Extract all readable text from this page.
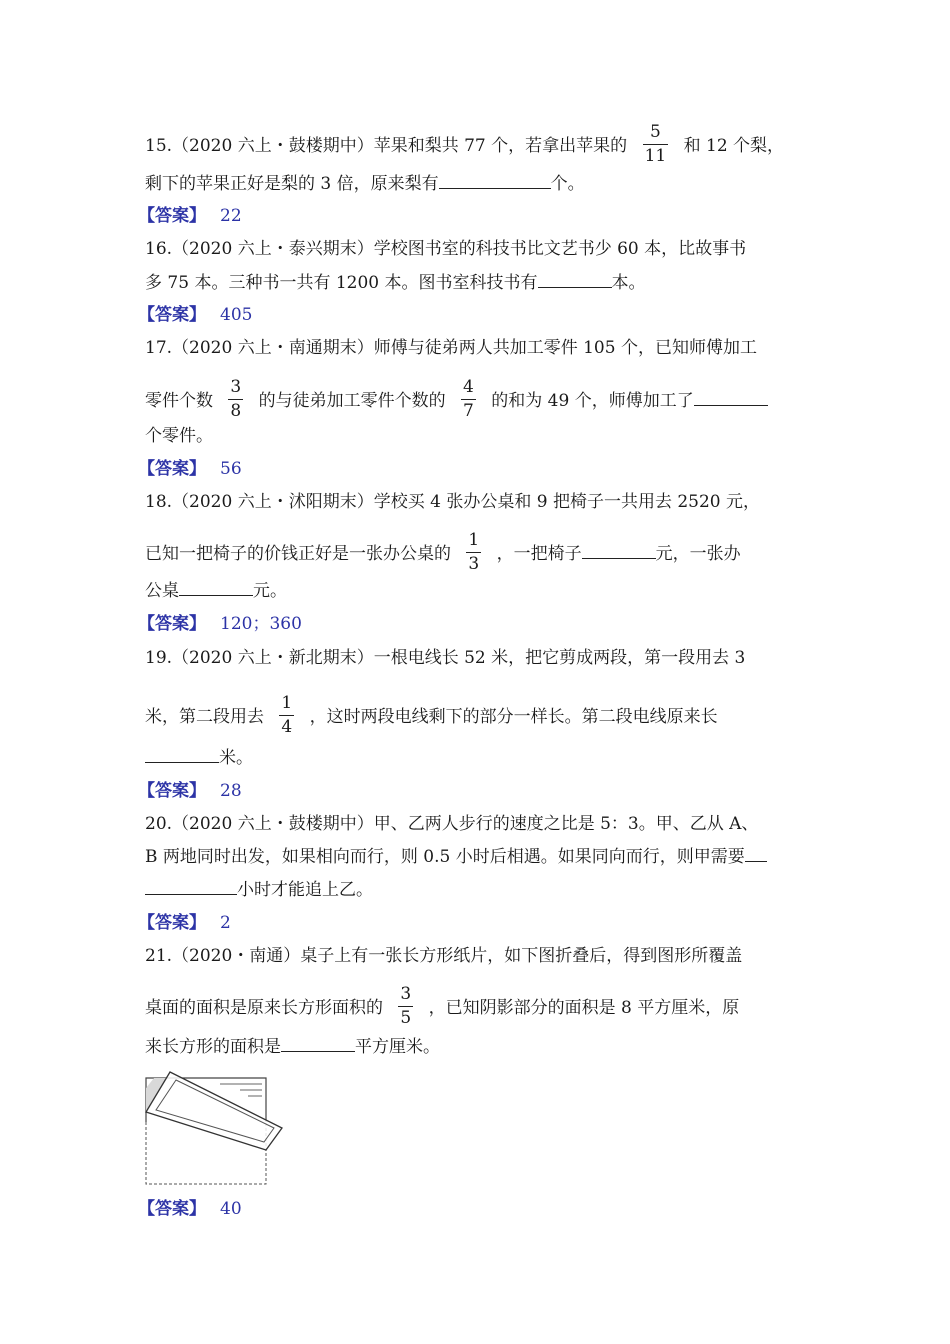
15.（2020 六上・鼓楼期中）苹果和梨共 77 个，若拿出苹果的 $\frac{5}{11}$ 和 12 个梨，
剩下的苹果正好是梨的 3 倍，原来梨有	个。
【答案】 22
16.（2020 六上・泰兴期末）学校图书室的科技书比文艺书少 60 本，比故事书
多 75 本。三种书一共有 1200 本。图书室科技书有	本。
【答案】 405
17.（2020 六上・南通期末）师傅与徒弟两人共加工零件 105 个，已知师傅加工
零件个数 $\frac{3}{8}$ 的与徒弟加工零件个数的 $\frac{4}{7}$ 的和为 49 个，师傅加工了
个零件。
【答案】 56
18.（2020 六上・沭阳期末）学校买 4 张办公桌和 9 把椅子一共用去 2520 元，
已知一把椅子的价钱正好是一张办公桌的 $\frac{1}{3}$ ，一把椅子	元，一张办
公桌	元。
【答案】 120；360
19.（2020 六上・新北期末）一根电线长 52 米，把它剪成两段，第一段用去 3
米，第二段用去 $\frac{1}{4}$ ，这时两段电线剩下的部分一样长。第二段电线原来长
米。
【答案】 28
20.（2020 六上・鼓楼期中）甲、乙两人步行的速度之比是 5：3。甲、乙从 A、
B 两地同时出发，如果相向而行，则 0.5 小时后相遇。如果同向而行，则甲需要
小时才能追上乙。
【答案】 2
21.（2020・南通）桌子上有一张长方形纸片，如下图折叠后，得到图形所覆盖
桌面的面积是原来长方形面积的 $\frac{3}{5}$ ，已知阴影部分的面积是 8 平方厘米，原
来长方形的面积是	平方厘米。
【答案】 40
